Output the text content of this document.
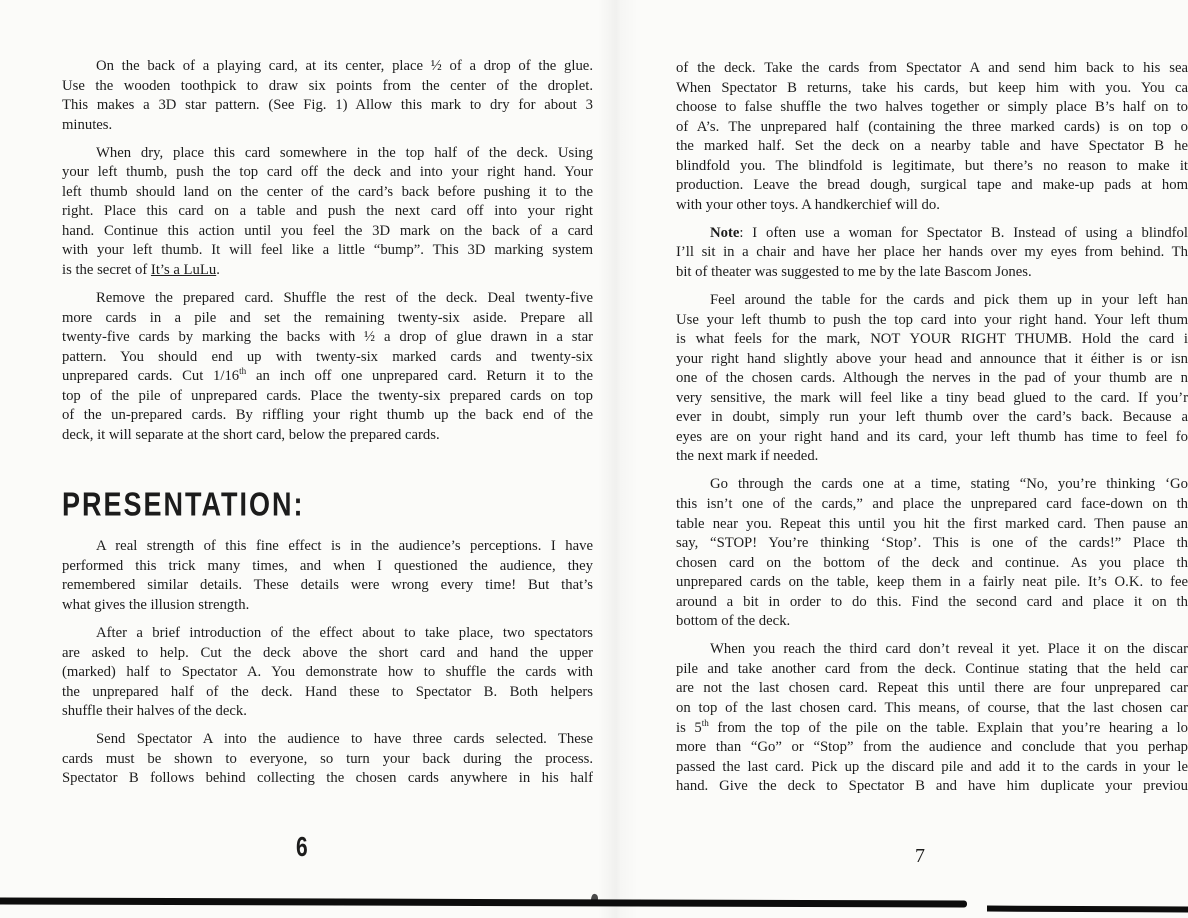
On the back of a playing card, at its center, place ½ of a drop of the glue.
Use the wooden toothpick to draw six points from the center of the droplet.
This makes a 3D star pattern. (See Fig. 1) Allow this mark to dry for about 3
minutes.
When dry, place this card somewhere in the top half of the deck. Using
your left thumb, push the top card off the deck and into your right hand. Your
left thumb should land on the center of the card’s back before pushing it to the
right. Place this card on a table and push the next card off into your right
hand. Continue this action until you feel the 3D mark on the back of a card
with your left thumb. It will feel like a little “bump”. This 3D marking system
is the secret of It’s a LuLu.
Remove the prepared card. Shuffle the rest of the deck. Deal twenty-five
more cards in a pile and set the remaining twenty-six aside. Prepare all
twenty-five cards by marking the backs with ½ a drop of glue drawn in a star
pattern. You should end up with twenty-six marked cards and twenty-six
unprepared cards. Cut 1/16th an inch off one unprepared card. Return it to the
top of the pile of unprepared cards. Place the twenty-six prepared cards on top
of the un-prepared cards. By riffling your right thumb up the back end of the
deck, it will separate at the short card, below the prepared cards.
PRESENTATION:
A real strength of this fine effect is in the audience’s perceptions. I have
performed this trick many times, and when I questioned the audience, they
remembered similar details. These details were wrong every time! But that’s
what gives the illusion strength.
After a brief introduction of the effect about to take place, two spectators
are asked to help. Cut the deck above the short card and hand the upper
(marked) half to Spectator A. You demonstrate how to shuffle the cards with
the unprepared half of the deck. Hand these to Spectator B. Both helpers
shuffle their halves of the deck.
Send Spectator A into the audience to have three cards selected. These
cards must be shown to everyone, so turn your back during the process.
Spectator B follows behind collecting the chosen cards anywhere in his half
of the deck. Take the cards from Spectator A and send him back to his sea
When Spectator B returns, take his cards, but keep him with you. You ca
choose to false shuffle the two halves together or simply place B’s half on to
of A’s. The unprepared half (containing the three marked cards) is on top o
the marked half. Set the deck on a nearby table and have Spectator B he
blindfold you. The blindfold is legitimate, but there’s no reason to make it
production. Leave the bread dough, surgical tape and make-up pads at hom
with your other toys. A handkerchief will do.
Note: I often use a woman for Spectator B. Instead of using a blindfol
I’ll sit in a chair and have her place her hands over my eyes from behind. Th
bit of theater was suggested to me by the late Bascom Jones.
Feel around the table for the cards and pick them up in your left han
Use your left thumb to push the top card into your right hand. Your left thum
is what feels for the mark, NOT YOUR RIGHT THUMB. Hold the card i
your right hand slightly above your head and announce that it éither is or isn
one of the chosen cards. Although the nerves in the pad of your thumb are n
very sensitive, the mark will feel like a tiny bead glued to the card. If you’r
ever in doubt, simply run your left thumb over the card’s back. Because a
eyes are on your right hand and its card, your left thumb has time to feel fo
the next mark if needed.
Go through the cards one at a time, stating “No, you’re thinking ‘Go
this isn’t one of the cards,” and place the unprepared card face-down on th
table near you. Repeat this until you hit the first marked card. Then pause an
say, “STOP! You’re thinking ‘Stop’. This is one of the cards!” Place th
chosen card on the bottom of the deck and continue. As you place th
unprepared cards on the table, keep them in a fairly neat pile. It’s O.K. to fee
around a bit in order to do this. Find the second card and place it on th
bottom of the deck.
When you reach the third card don’t reveal it yet. Place it on the discar
pile and take another card from the deck. Continue stating that the held car
are not the last chosen card. Repeat this until there are four unprepared car
on top of the last chosen card. This means, of course, that the last chosen car
is 5th from the top of the pile on the table. Explain that you’re hearing a lo
more than “Go” or “Stop” from the audience and conclude that you perhap
passed the last card. Pick up the discard pile and add it to the cards in your le
hand. Give the deck to Spectator B and have him duplicate your previou
6	7
